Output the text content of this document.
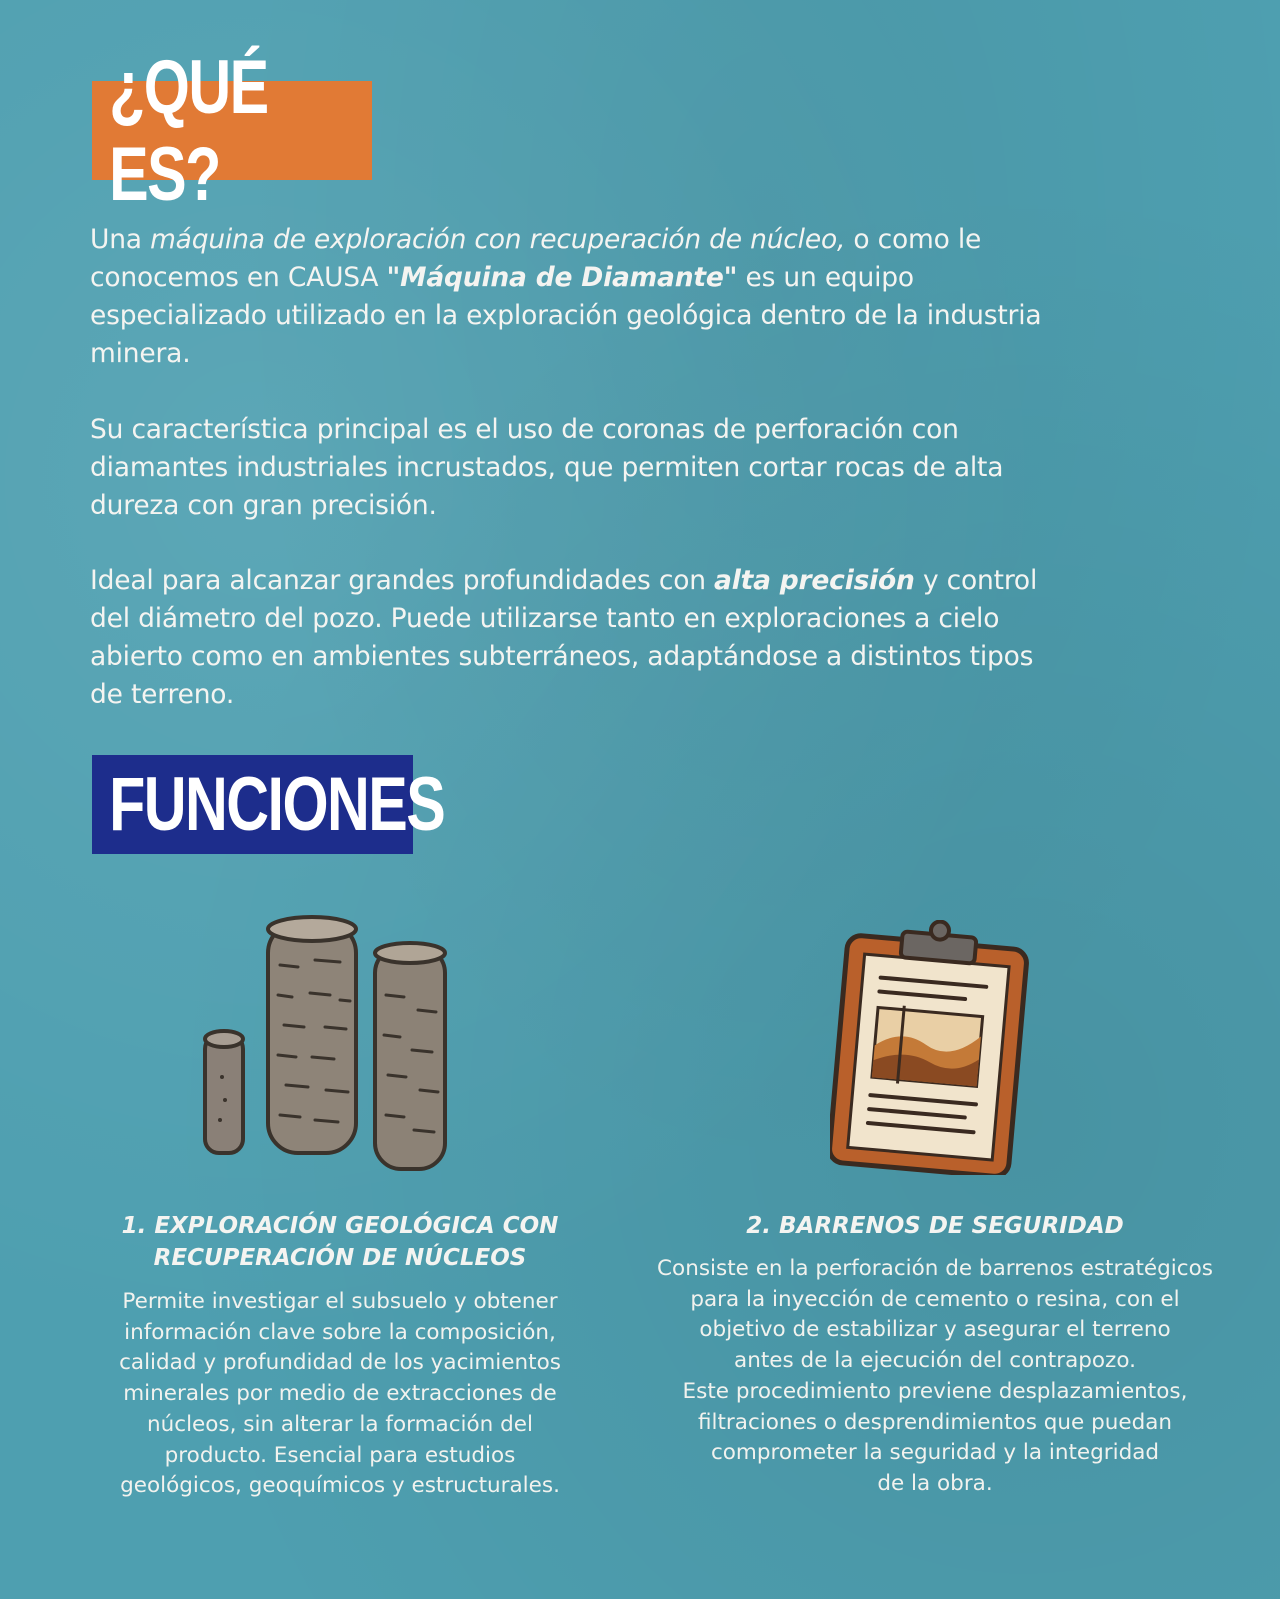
¿QUÉ ES?

Una máquina de exploración con recuperación de núcleo, o como le conocemos en CAUSA "Máquina de Diamante" es un equipo especializado utilizado en la exploración geológica dentro de la industria minera.

Su característica principal es el uso de coronas de perforación con diamantes industriales incrustados, que permiten cortar rocas de alta dureza con gran precisión.

Ideal para alcanzar grandes profundidades con alta precisión y control del diámetro del pozo. Puede utilizarse tanto en exploraciones a cielo abierto como en ambientes subterráneos, adaptándose a distintos tipos de terreno.

FUNCIONES
1. EXPLORACIÓN GEOLÓGICA CON
RECUPERACIÓN DE NÚCLEOS

Permite investigar el subsuelo y obtener
información clave sobre la composición,
calidad y profundidad de los yacimientos
minerales por medio de extracciones de
núcleos, sin alterar la formación del
producto. Esencial para estudios
geológicos, geoquímicos y estructurales.

2. BARRENOS DE SEGURIDAD

Consiste en la perforación de barrenos estratégicos
para la inyección de cemento o resina, con el
objetivo de estabilizar y asegurar el terreno
antes de la ejecución del contrapozo.
Este procedimiento previene desplazamientos,
filtraciones o desprendimientos que puedan
comprometer la seguridad y la integridad
de la obra.
